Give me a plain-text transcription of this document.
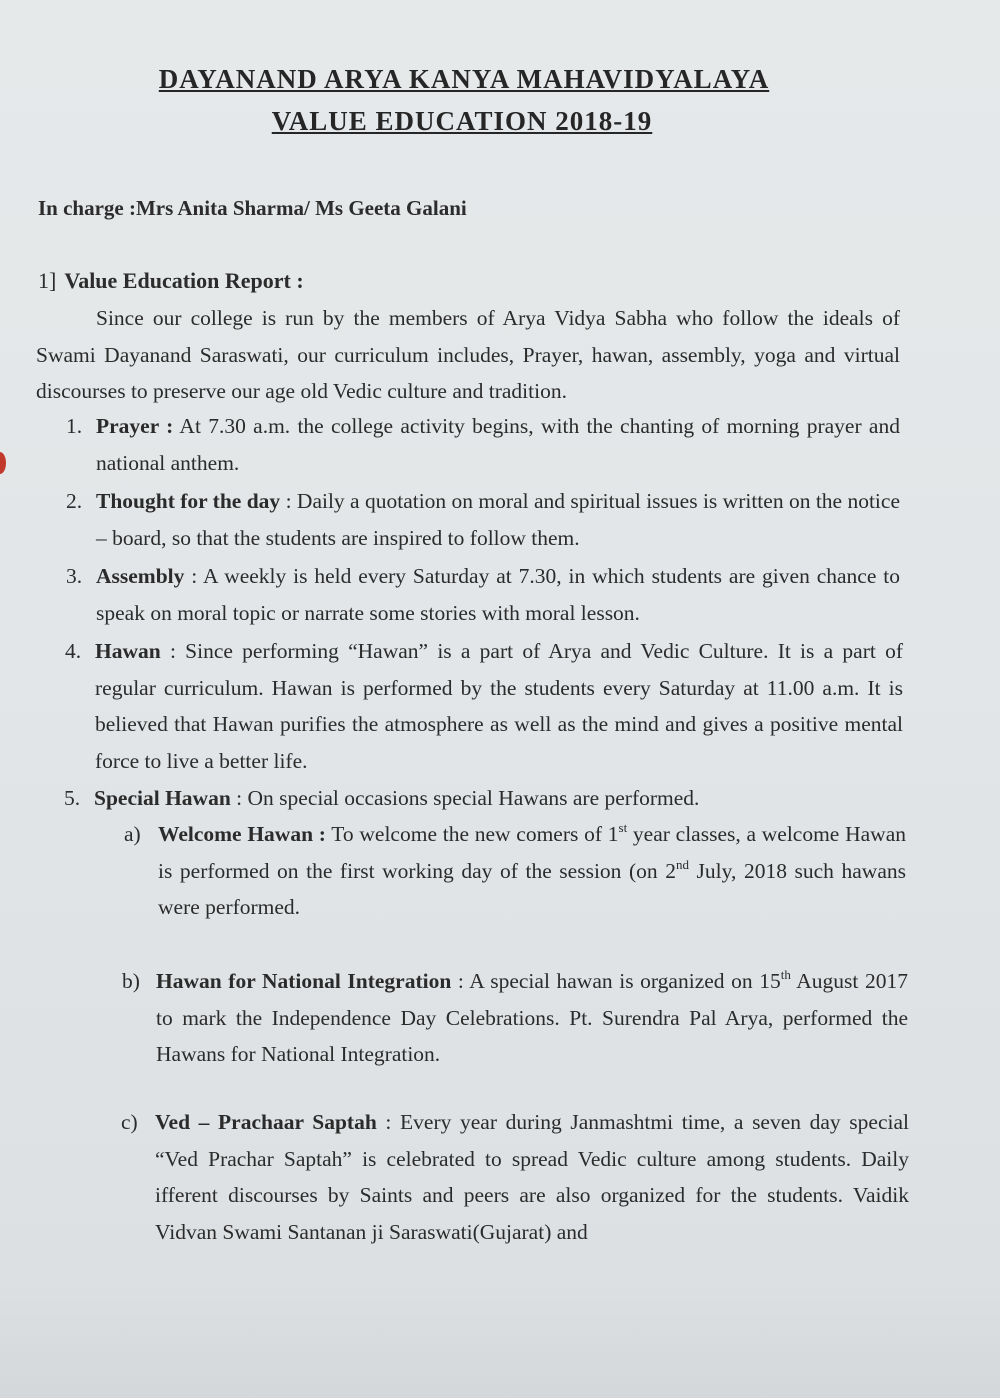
DAYANAND ARYA KANYA MAHAVIDYALAYA
VALUE EDUCATION 2018-19
In charge :Mrs Anita Sharma/ Ms Geeta Galani
1] Value Education Report :
Since our college is run by the members of Arya Vidya Sabha who follow the ideals of Swami Dayanand Saraswati, our curriculum includes, Prayer, hawan, assembly, yoga and virtual discourses to preserve our age old Vedic culture and tradition.
1. Prayer : At 7.30 a.m. the college activity begins, with the chanting of morning prayer and national anthem.
2. Thought for the day : Daily a quotation on moral and spiritual issues is written on the notice – board, so that the students are inspired to follow them.
3. Assembly : A weekly is held every Saturday at 7.30, in which students are given chance to speak on moral topic or narrate some stories with moral lesson.
4. Hawan : Since performing “Hawan” is a part of Arya and Vedic Culture. It is a part of regular curriculum. Hawan is performed by the students every Saturday at 11.00 a.m. It is believed that Hawan purifies the atmosphere as well as the mind and gives a positive mental force to live a better life.
5. Special Hawan : On special occasions special Hawans are performed.
a) Welcome Hawan : To welcome the new comers of 1st year classes, a welcome Hawan is performed on the first working day of the session (on 2nd July, 2018 such hawans were performed.
b) Hawan for National Integration : A special hawan is organized on 15th August 2017 to mark the Independence Day Celebrations. Pt. Surendra Pal Arya, performed the Hawans for National Integration.
c) Ved – Prachaar Saptah : Every year during Janmashtmi time, a seven day special “Ved Prachar Saptah” is celebrated to spread Vedic culture among students. Daily ifferent discourses by Saints and peers are also organized for the students. Vaidik Vidvan Swami Santanan ji Saraswati(Gujarat) and
